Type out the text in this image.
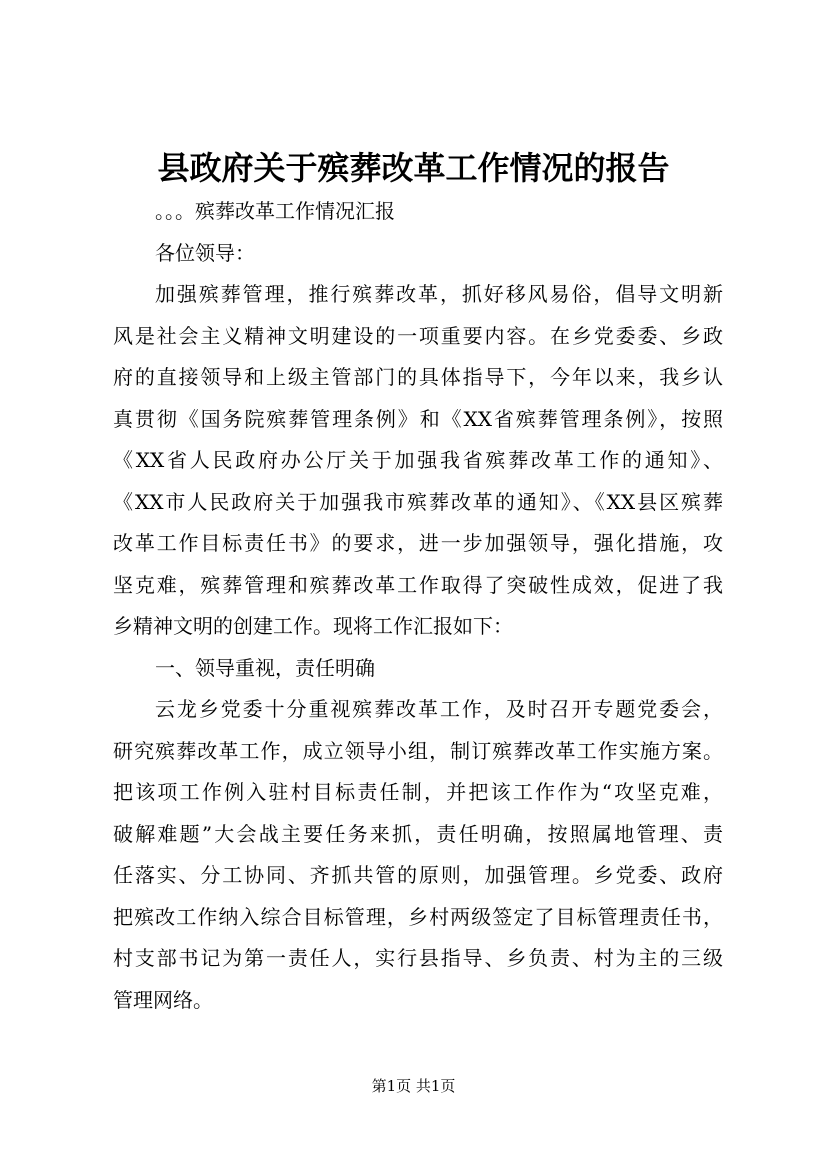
县政府关于殡葬改革工作情况的报告
。。。殡葬改革工作情况汇报
各位领导：
加强殡葬管理，推行殡葬改革，抓好移风易俗，倡导文明新
风是社会主义精神文明建设的一项重要内容。在乡党委委、乡政
府的直接领导和上级主管部门的具体指导下，今年以来，我乡认
真贯彻《国务院殡葬管理条例》和《XX省殡葬管理条例》，按照
《XX省人民政府办公厅关于加强我省殡葬改革工作的通知》、
《XX市人民政府关于加强我市殡葬改革的通知》、《XX县区殡葬
改革工作目标责任书》的要求，进一步加强领导，强化措施，攻
坚克难，殡葬管理和殡葬改革工作取得了突破性成效，促进了我
乡精神文明的创建工作。现将工作汇报如下：
一、领导重视，责任明确
云龙乡党委十分重视殡葬改革工作，及时召开专题党委会，
研究殡葬改革工作，成立领导小组，制订殡葬改革工作实施方案。
把该项工作例入驻村目标责任制，并把该工作作为“攻坚克难，
破解难题”大会战主要任务来抓，责任明确，按照属地管理、责
任落实、分工协同、齐抓共管的原则，加强管理。乡党委、政府
把殡改工作纳入综合目标管理，乡村两级签定了目标管理责任书，
村支部书记为第一责任人，实行县指导、乡负责、村为主的三级
管理网络。
第1页 共1页
